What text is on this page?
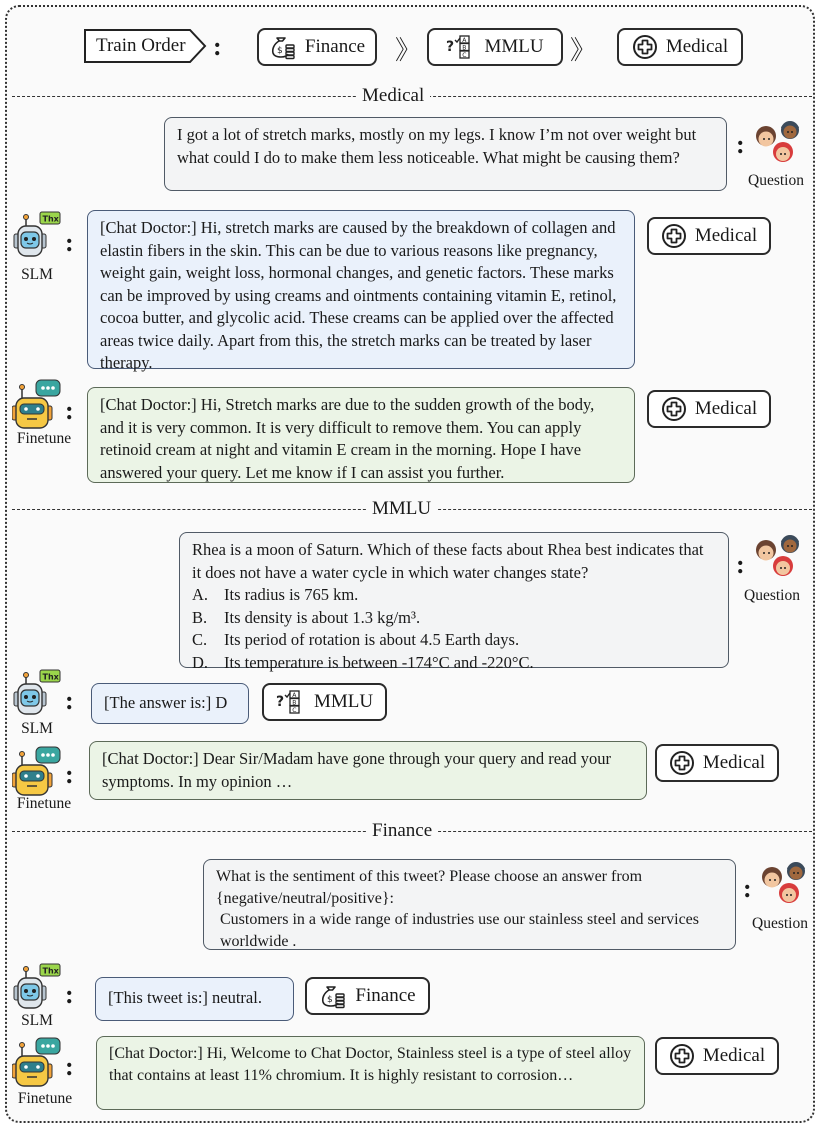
Train Order :	Finance 》	MMLU 》	Medical
Medical
I got a lot of stretch marks, mostly on my legs. I know I’m not over weight but what could I do to make them less noticeable. What might be causing them?	:
Question
:
SLM
[Chat Doctor:] Hi, stretch marks are caused by the breakdown of collagen and elastin fibers in the skin. This can be due to various reasons like pregnancy, weight gain, weight loss, hormonal changes, and genetic factors. These marks can be improved by using creams and ointments containing vitamin E, retinol, cocoa butter, and glycolic acid. These creams can be applied over the affected areas twice daily. Apart from this, the stretch marks can be treated by laser therapy.
Medical
:
Finetune
[Chat Doctor:] Hi, Stretch marks are due to the sudden growth of the body, and it is very common. It is very difficult to remove them. You can apply retinoid cream at night and vitamin E cream in the morning. Hope I have answered your query. Let me know if I can assist you further.
Medical
MMLU
Rhea is a moon of Saturn. Which of these facts about Rhea best indicates that it does not have a water cycle in which water changes state?
A. Its radius is 765 km.
B.	Its density is about 1.3 kg/m³.
C.	Its period of rotation is about 4.5 Earth days.
D. Its temperature is between -174°C and -220°C.
:
Question
:
SLM
[The answer is:] D	MMLU
:
Finetune
[Chat Doctor:] Dear Sir/Madam have gone through your query and read your symptoms. In my opinion …
Medical
Finance
What is the sentiment of this tweet? Please choose an answer from {negative/neutral/positive}:
Customers in a wide range of industries use our stainless steel and services worldwide .
:
Question
:
SLM
[This tweet is:] neutral.	Finance
:
Finetune
[Chat Doctor:] Hi, Welcome to Chat Doctor, Stainless steel is a type of steel alloy that contains at least 11% chromium. It is highly resistant to corrosion…
Medical
